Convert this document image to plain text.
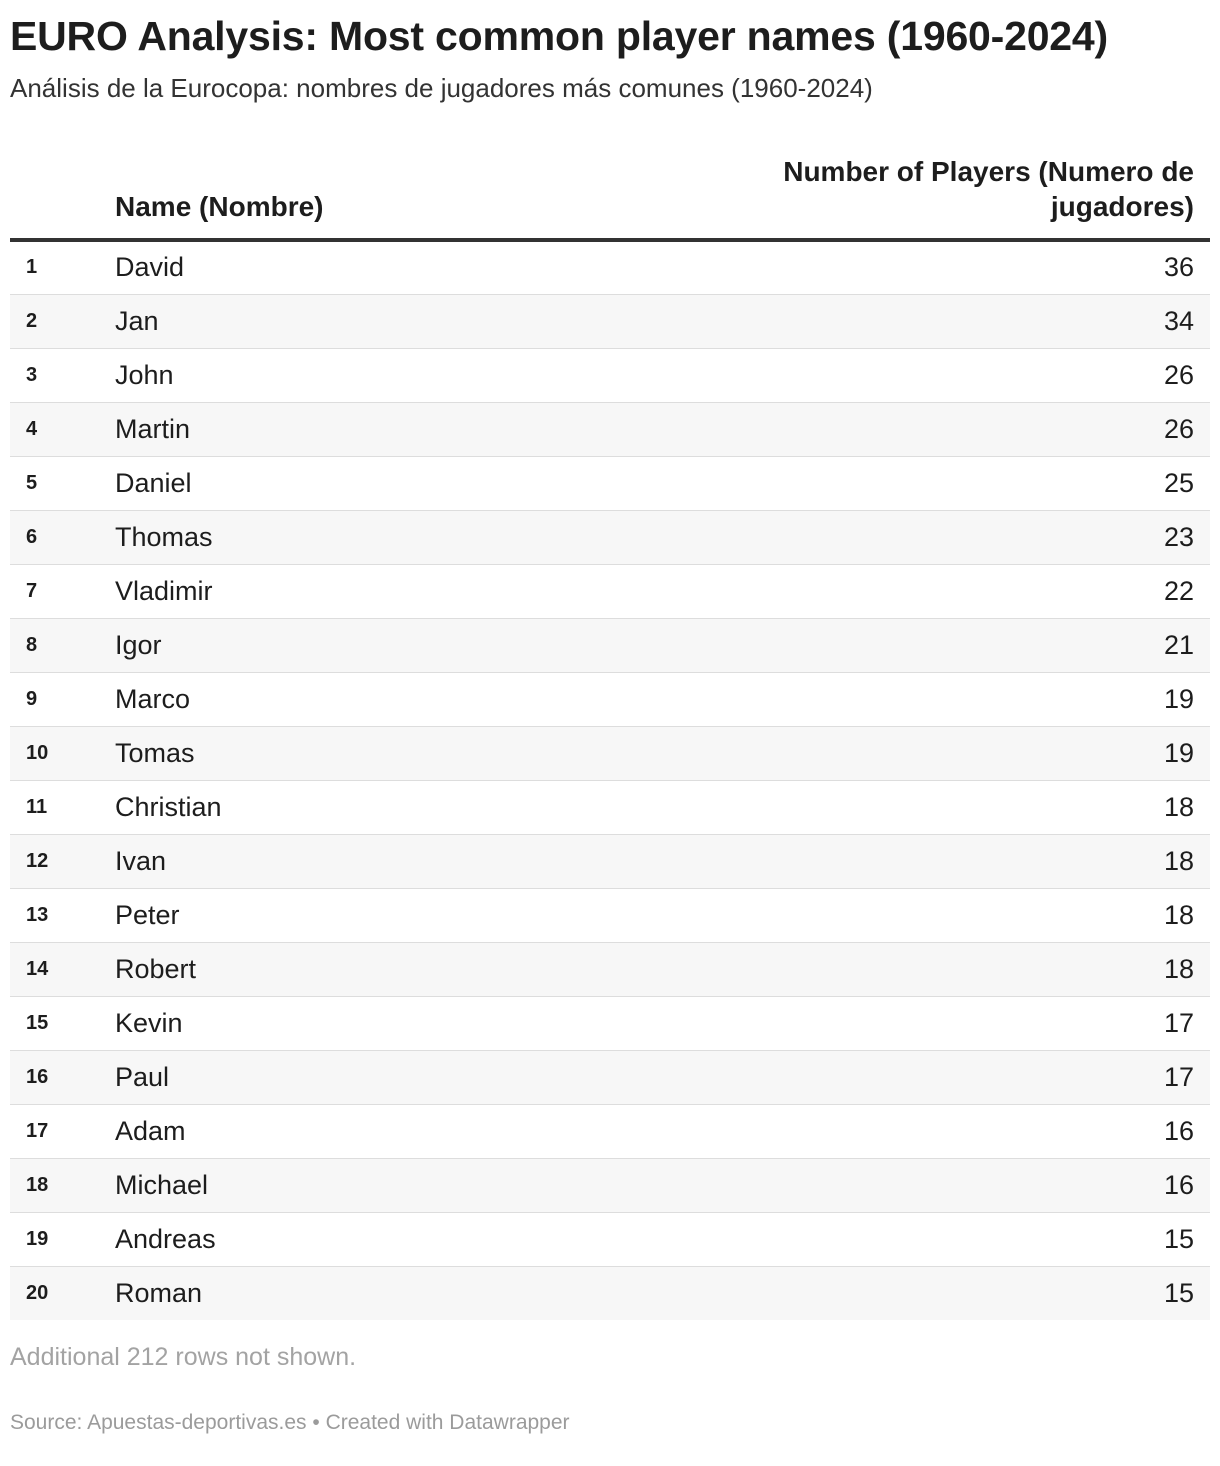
EURO Analysis: Most common player names (1960-2024)

Análisis de la Eurocopa: nombres de jugadores más comunes (1960-2024)

	Name (Nombre)	Number of Players (Numero de jugadores)
1	David	36
2	Jan	34
3	John	26
4	Martin	26
5	Daniel	25
6	Thomas	23
7	Vladimir	22
8	Igor	21
9	Marco	19
10	Tomas	19
11	Christian	18
12	Ivan	18
13	Peter	18
14	Robert	18
15	Kevin	17
16	Paul	17
17	Adam	16
18	Michael	16
19	Andreas	15
20	Roman	15

Additional 212 rows not shown.

Source: Apuestas-deportivas.es • Created with Datawrapper
